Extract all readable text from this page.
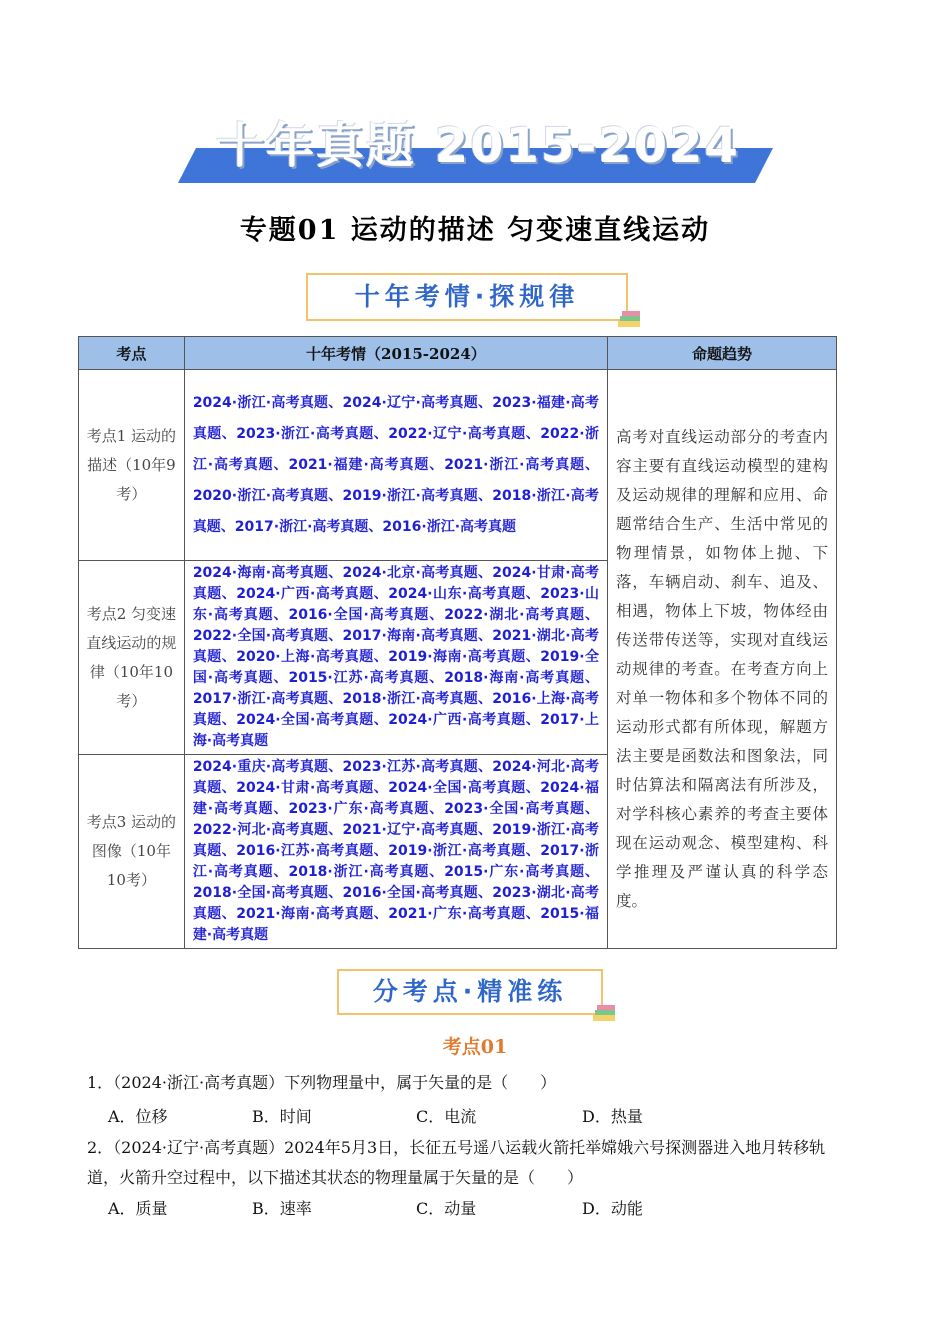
十年真题 2015-2024
专题01 运动的描述 匀变速直线运动
十年考情·探规律
考点	十年考情（2015-2024）	命题趋势
考点1 运动的描述（10年9考）	2024·浙江·高考真题、2024·辽宁·高考真题、2023·福建·高考真题、2023·浙江·高考真题、2022·辽宁·高考真题、2022·浙江·高考真题、2021·福建·高考真题、2021·浙江·高考真题、2020·浙江·高考真题、2019·浙江·高考真题、2018·浙江·高考真题、2017·浙江·高考真题、2016·浙江·高考真题	高考对直线运动部分的考查内容主要有直线运动模型的建构及运动规律的理解和应用、命题常结合生产、生活中常见的物理情景，如物体上抛、下落，车辆启动、刹车、追及、相遇，物体上下坡，物体经由传送带传送等，实现对直线运动规律的考查。在考查方向上对单一物体和多个物体不同的运动形式都有所体现，解题方法主要是函数法和图象法，同时估算法和隔离法有所涉及，对学科核心素养的考查主要体现在运动观念、模型建构、科学推理及严谨认真的科学态度。
考点2 匀变速直线运动的规律（10年10考）	2024·海南·高考真题、2024·北京·高考真题、2024·甘肃·高考真题、2024·广西·高考真题、2024·山东·高考真题、2023·山东·高考真题、2016·全国·高考真题、2022·湖北·高考真题、2022·全国·高考真题、2017·海南·高考真题、2021·湖北·高考真题、2020·上海·高考真题、2019·海南·高考真题、2019·全国·高考真题、2015·江苏·高考真题、2018·海南·高考真题、2017·浙江·高考真题、2018·浙江·高考真题、2016·上海·高考真题、2024·全国·高考真题、2024·广西·高考真题、2017·上海·高考真题	
考点3 运动的图像（10年10考）	2024·重庆·高考真题、2023·江苏·高考真题、2024·河北·高考真题、2024·甘肃·高考真题、2024·全国·高考真题、2024·福建·高考真题、2023·广东·高考真题、2023·全国·高考真题、2022·河北·高考真题、2021·辽宁·高考真题、2019·浙江·高考真题、2016·江苏·高考真题、2019·浙江·高考真题、2017·浙江·高考真题、2018·浙江·高考真题、2015·广东·高考真题、2018·全国·高考真题、2016·全国·高考真题、2023·湖北·高考真题、2021·海南·高考真题、2021·广东·高考真题、2015·福建·高考真题	
分考点·精准练
考点01
1．（2024·浙江·高考真题）下列物理量中，属于矢量的是（　　）
A．位移	B．时间	C．电流	D．热量
2．（2024·辽宁·高考真题）2024年5月3日，长征五号遥八运载火箭托举嫦娥六号探测器进入地月转移轨
道，火箭升空过程中，以下描述其状态的物理量属于矢量的是（　　）
A．质量	B．速率	C．动量	D．动能
